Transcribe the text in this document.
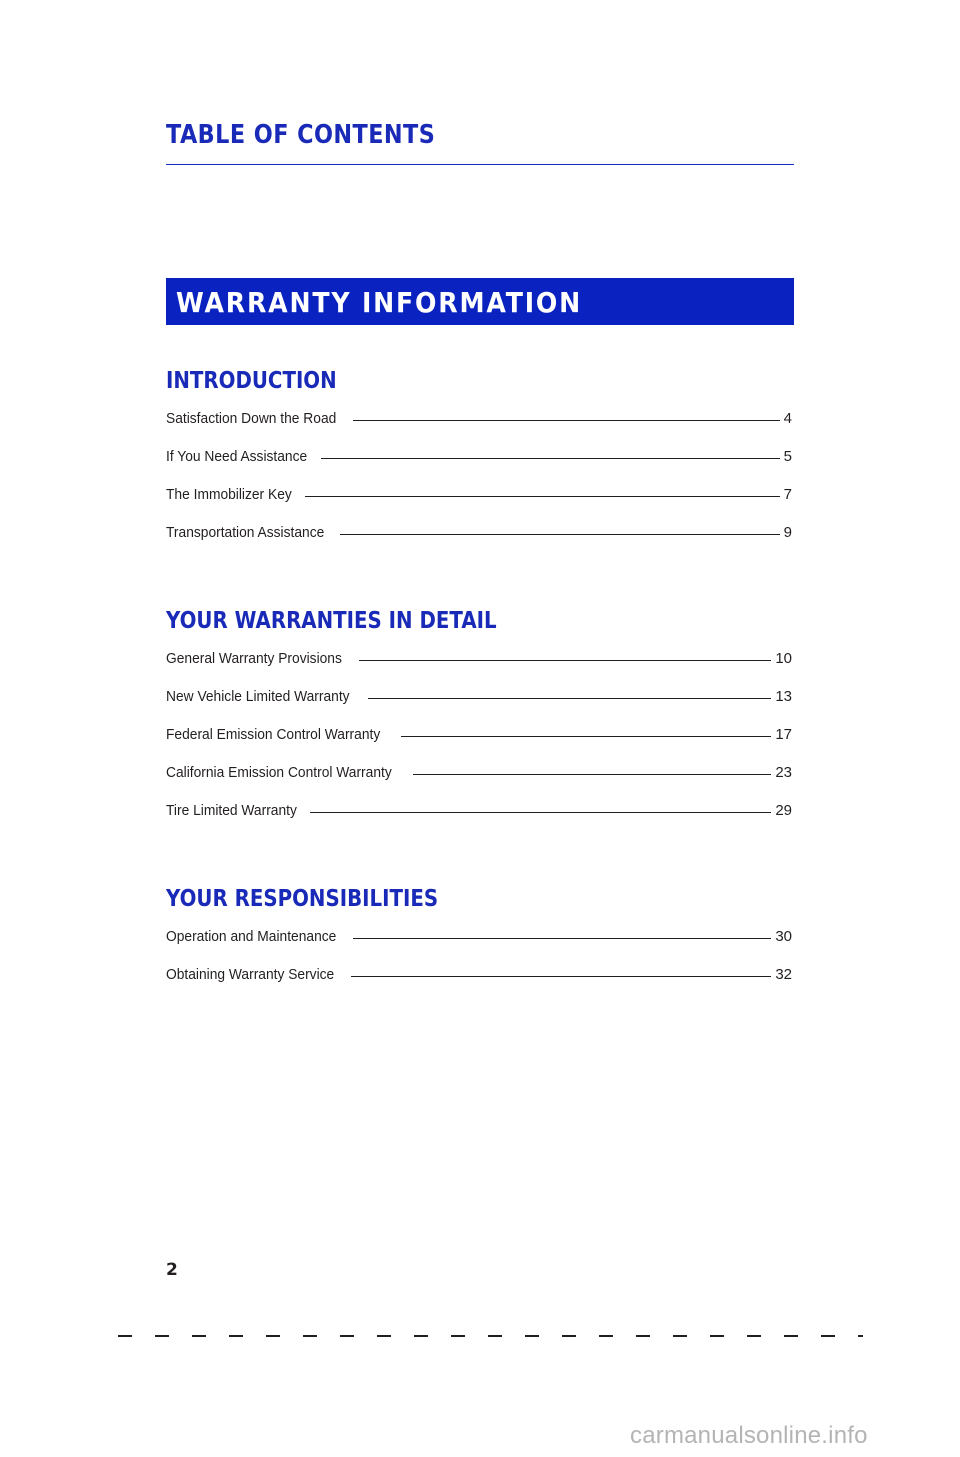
TABLE OF CONTENTS
WARRANTY INFORMATION
INTRODUCTION
Satisfaction Down the Road	4
If You Need Assistance	5
The Immobilizer Key	7
Transportation Assistance	9
YOUR WARRANTIES IN DETAIL
General Warranty Provisions	10
New Vehicle Limited Warranty	13
Federal Emission Control Warranty	17
California Emission Control Warranty	23
Tire Limited Warranty	29
YOUR RESPONSIBILITIES
Operation and Maintenance	30
Obtaining Warranty Service	32
2
carmanualsonline.info
